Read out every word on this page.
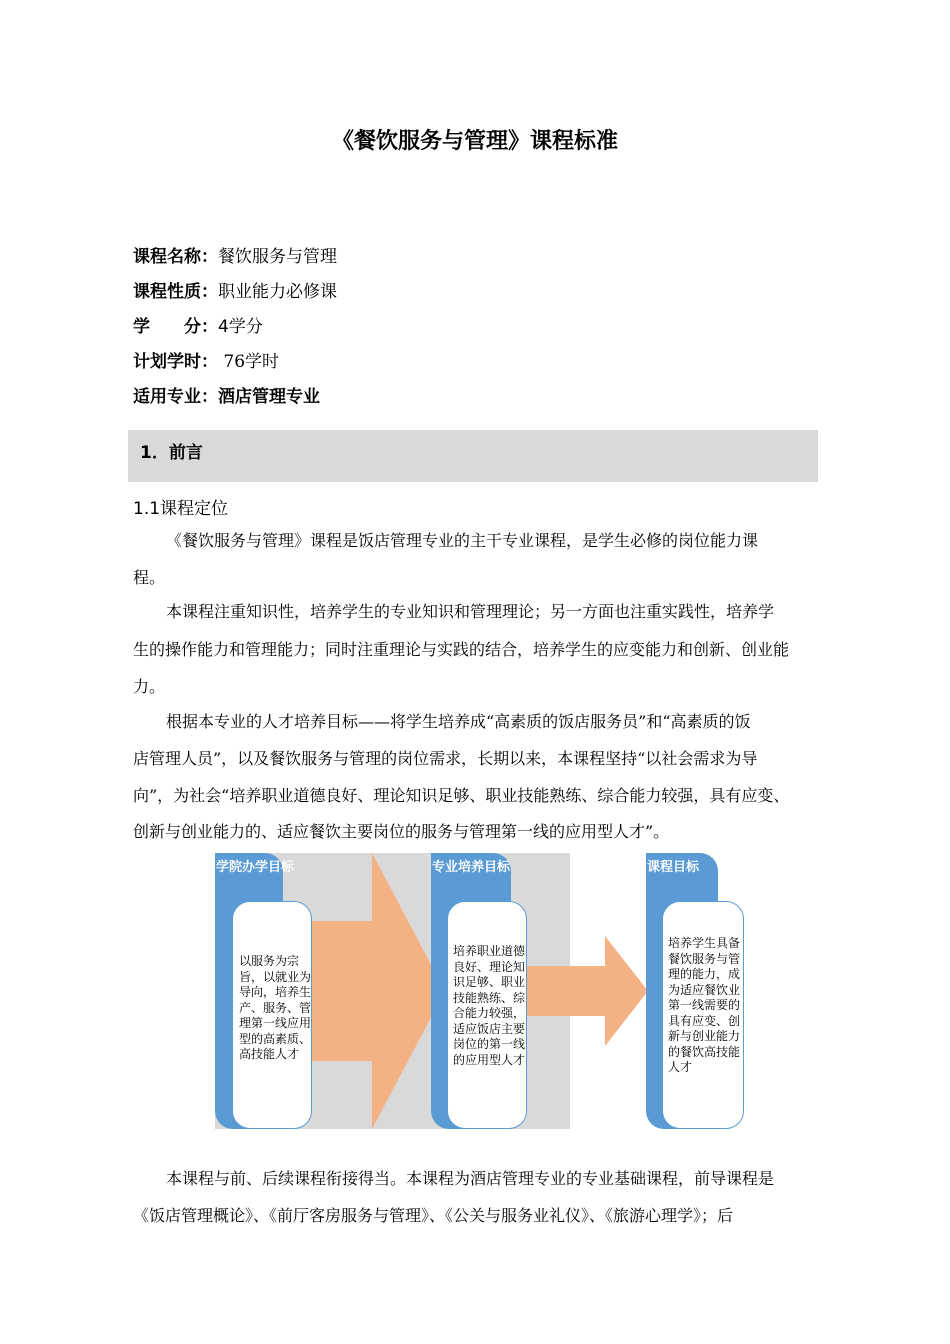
《餐饮服务与管理》课程标准
课程名称：餐饮服务与管理
课程性质：职业能力必修课
学　　分：4学分
计划学时： 76学时
适用专业：酒店管理专业
1．前言
1.1课程定位
《餐饮服务与管理》课程是饭店管理专业的主干专业课程，是学生必修的岗位能力课
程。
本课程注重知识性，培养学生的专业知识和管理理论；另一方面也注重实践性，培养学
生的操作能力和管理能力；同时注重理论与实践的结合，培养学生的应变能力和创新、创业能
力。
根据本专业的人才培养目标——将学生培养成“高素质的饭店服务员”和“高素质的饭
店管理人员”，以及餐饮服务与管理的岗位需求，长期以来，本课程坚持“以社会需求为导
向”，为社会“培养职业道德良好、理论知识足够、职业技能熟练、综合能力较强，具有应变、
创新与创业能力的、适应餐饮主要岗位的服务与管理第一线的应用型人才”。
学院办学目标
以服务为宗
旨，以就业为
导向，培养生
产、服务、管
理第一线应用
型的高素质、
高技能人才
专业培养目标
培养职业道德
良好、理论知
识足够、职业
技能熟练、综
合能力较强，
适应饭店主要
岗位的第一线
的应用型人才
课程目标
培养学生具备
餐饮服务与管
理的能力，成
为适应餐饮业
第一线需要的
具有应变、创
新与创业能力
的餐饮高技能
人才
本课程与前、后续课程衔接得当。本课程为酒店管理专业的专业基础课程，前导课程是
《饭店管理概论》、《前厅客房服务与管理》、《公关与服务业礼仪》、《旅游心理学》；后
